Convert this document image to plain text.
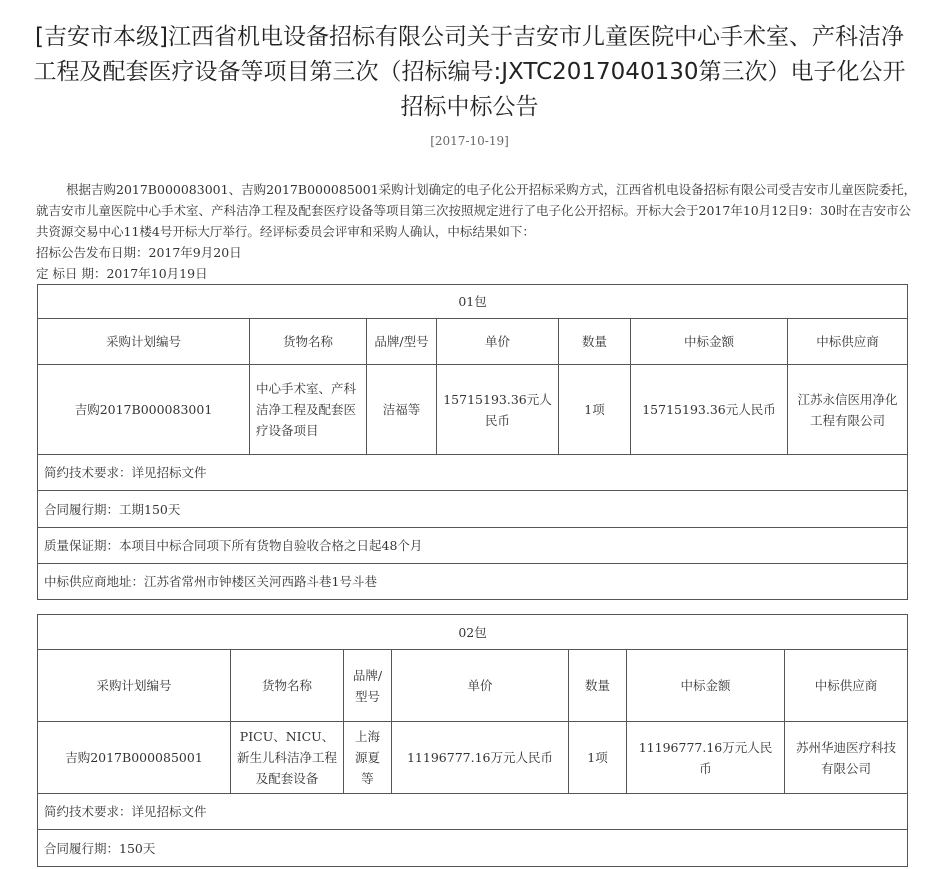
[吉安市本级]江西省机电设备招标有限公司关于吉安市儿童医院中心手术室、产科洁净工程及配套医疗设备等项目第三次（招标编号:JXTC2017040130第三次）电子化公开招标中标公告
[2017-10-19]

根据吉购2017B000083001、吉购2017B000085001采购计划确定的电子化公开招标采购方式，江西省机电设备招标有限公司受吉安市儿童医院委托，就吉安市儿童医院中心手术室、产科洁净工程及配套医疗设备等项目第三次按照规定进行了电子化公开招标。开标大会于2017年10月12日9：30时在吉安市公共资源交易中心11楼4号开标大厅举行。经评标委员会评审和采购人确认，中标结果如下：

招标公告发布日期：2017年9月20日

定 标日 期：2017年10月19日

01包						
采购计划编号	货物名称	品牌/型号	单价	数量	中标金额	中标供应商
吉购2017B000083001	中心手术室、产科洁净工程及配套医疗设备项目	洁福等	15715193.36元人民币	1项	15715193.36元人民币	江苏永信医用净化工程有限公司
简约技术要求：详见招标文件						
合同履行期：工期150天						
质量保证期：本项目中标合同项下所有货物自验收合格之日起48个月						
中标供应商地址：江苏省常州市钟楼区关河西路斗巷1号斗巷						
02包						
采购计划编号	货物名称	品牌/型号	单价	数量	中标金额	中标供应商
吉购2017B000085001	PICU、NICU、新生儿科洁净工程及配套设备	上海源夏等	11196777.16万元人民币	1项	11196777.16万元人民币	苏州华迪医疗科技有限公司
简约技术要求：详见招标文件						
合同履行期：150天						
